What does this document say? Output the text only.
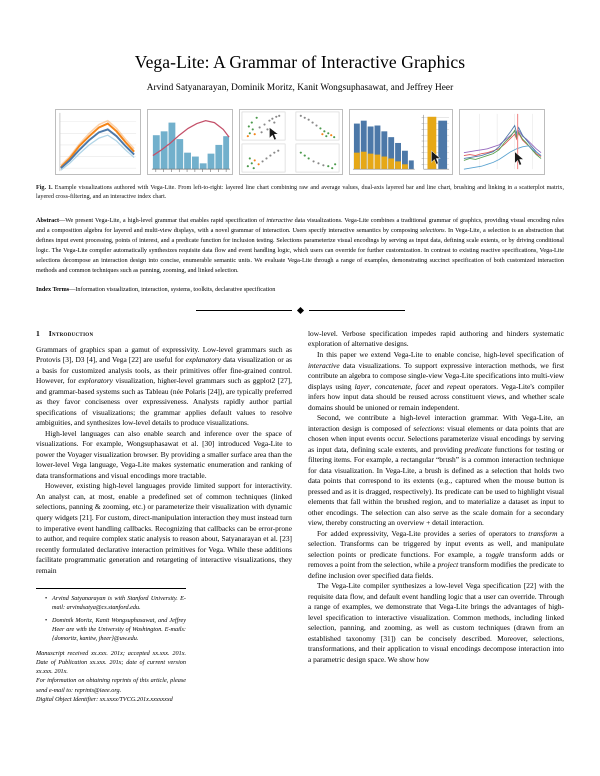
Vega-Lite: A Grammar of Interactive Graphics
Arvind Satyanarayan, Dominik Moritz, Kanit Wongsuphasawat, and Jeffrey Heer
Fig. 1. Example visualizations authored with Vega-Lite. From left-to-right: layered line chart combining raw and average values, dual-axis layered bar and line chart, brushing and linking in a scatterplot matrix, layered cross-filtering, and an interactive index chart.
Abstract—We present Vega-Lite, a high-level grammar that enables rapid specification of interactive data visualizations. Vega-Lite combines a traditional grammar of graphics, providing visual encoding rules and a composition algebra for layered and multi-view displays, with a novel grammar of interaction. Users specify interactive semantics by composing selections. In Vega-Lite, a selection is an abstraction that defines input event processing, points of interest, and a predicate function for inclusion testing. Selections parameterize visual encodings by serving as input data, defining scale extents, or by driving conditional logic. The Vega-Lite compiler automatically synthesizes requisite data flow and event handling logic, which users can override for further customization. In contrast to existing reactive specifications, Vega-Lite selections decompose an interaction design into concise, enumerable semantic units. We evaluate Vega-Lite through a range of examples, demonstrating succinct specification of both customized interaction methods and common techniques such as panning, zooming, and linked selection.
Index Terms—Information visualization, interaction, systems, toolkits, declarative specification
1 Introduction

Grammars of graphics span a gamut of expressivity. Low-level grammars such as Protovis [3], D3 [4], and Vega [22] are useful for explanatory data visualization or as a basis for customized analysis tools, as their primitives offer fine-grained control. However, for exploratory visualization, higher-level grammars such as ggplot2 [27], and grammar-based systems such as Tableau (née Polaris [24]), are typically preferred as they favor conciseness over expressiveness. Analysts rapidly author partial specifications of visualizations; the grammar applies default values to resolve ambiguities, and synthesizes low-level details to produce visualizations.

High-level languages can also enable search and inference over the space of visualizations. For example, Wongsuphasawat et al. [30] introduced Vega-Lite to power the Voyager visualization browser. By providing a smaller surface area than the lower-level Vega language, Vega-Lite makes systematic enumeration and ranking of data transformations and visual encodings more tractable.

However, existing high-level languages provide limited support for interactivity. An analyst can, at most, enable a predefined set of common techniques (linked selections, panning & zooming, etc.) or parameterize their visualization with dynamic query widgets [21]. For custom, direct-manipulation interaction they must instead turn to imperative event handling callbacks. Recognizing that callbacks can be error-prone to author, and require complex static analysis to reason about, Satyanarayan et al. [23] recently formulated declarative interaction primitives for Vega. While these additions facilitate programmatic generation and retargeting of interactive visualizations, they remain

• Arvind Satyanarayan is with Stanford University. E-mail: arvindsatya@cs.stanford.edu.
• Dominik Moritz, Kanit Wongsuphasawat, and Jeffrey Heer are with the University of Washington. E-mails: {domoritz, kanitw, jheer}@uw.edu.
Manuscript received xx.xxx. 201x; accepted xx.xxx. 201x. Date of Publication xx.xxx. 201x; date of current version xx.xxx. 201x.
For information on obtaining reprints of this article, please send e-mail to: reprints@ieee.org.
Digital Object Identifier: xx.xxxx/TVCG.201x.xxxxxxxd

low-level. Verbose specification impedes rapid authoring and hinders systematic exploration of alternative designs.

In this paper we extend Vega-Lite to enable concise, high-level specification of interactive data visualizations. To support expressive interaction methods, we first contribute an algebra to compose single-view Vega-Lite specifications into multi-view displays using layer, concatenate, facet and repeat operators. Vega-Lite's compiler infers how input data should be reused across constituent views, and whether scale domains should be unioned or remain independent.

Second, we contribute a high-level interaction grammar. With Vega-Lite, an interaction design is composed of selections: visual elements or data points that are chosen when input events occur. Selections parameterize visual encodings by serving as input data, defining scale extents, and providing predicate functions for testing or filtering items. For example, a rectangular “brush” is a common interaction technique for data visualization. In Vega-Lite, a brush is defined as a selection that holds two data points that correspond to its extents (e.g., captured when the mouse button is pressed and as it is dragged, respectively). Its predicate can be used to highlight visual elements that fall within the brushed region, and to materialize a dataset as input to other encodings. The selection can also serve as the scale domain for a secondary view, thereby constructing an overview + detail interaction.

For added expressivity, Vega-Lite provides a series of operators to transform a selection. Transforms can be triggered by input events as well, and manipulate selection points or predicate functions. For example, a toggle transform adds or removes a point from the selection, while a project transform modifies the predicate to define inclusion over specified data fields.

The Vega-Lite compiler synthesizes a low-level Vega specification [22] with the requisite data flow, and default event handling logic that a user can override. Through a range of examples, we demonstrate that Vega-Lite brings the advantages of high-level specification to interactive visualization. Common methods, including linked selection, panning, and zooming, as well as custom techniques (drawn from an established taxonomy [31]) can be concisely described. Moreover, selections, transformations, and their application to visual encodings decompose interaction into a parametric design space. We show how
